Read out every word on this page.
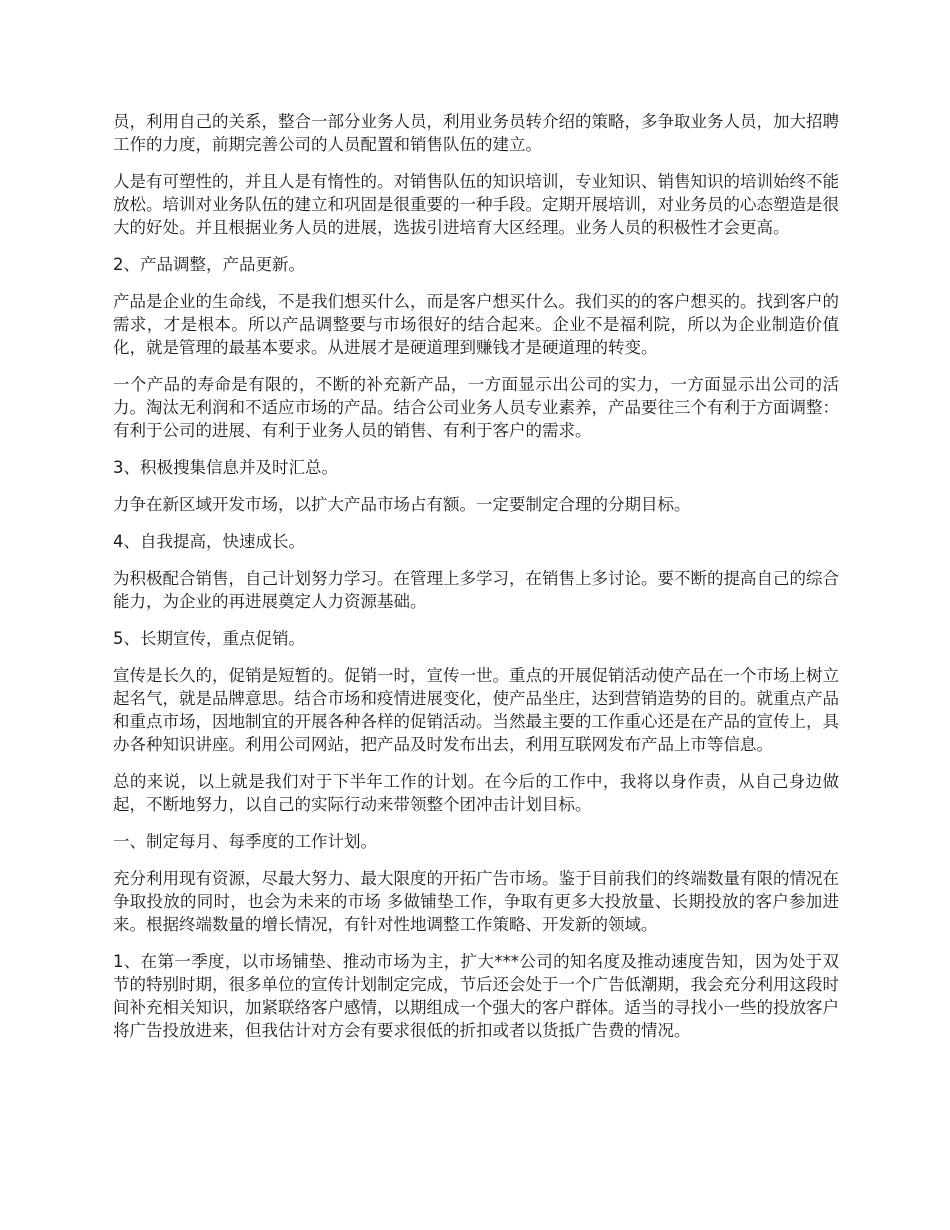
员，利用自己的关系，整合一部分业务人员，利用业务员转介绍的策略，多争取业务人员，加大招聘工作的力度，前期完善公司的人员配置和销售队伍的建立。

人是有可塑性的，并且人是有惰性的。对销售队伍的知识培训，专业知识、销售知识的培训始终不能放松。培训对业务队伍的建立和巩固是很重要的一种手段。定期开展培训，对业务员的心态塑造是很大的好处。并且根据业务人员的进展，选拔引进培育大区经理。业务人员的积极性才会更高。

2、产品调整，产品更新。

产品是企业的生命线，不是我们想买什么，而是客户想买什么。我们买的的客户想买的。找到客户的需求，才是根本。所以产品调整要与市场很好的结合起来。企业不是福利院，所以为企业制造价值化，就是管理的最基本要求。从进展才是硬道理到赚钱才是硬道理的转变。

一个产品的寿命是有限的，不断的补充新产品，一方面显示出公司的实力，一方面显示出公司的活力。淘汰无利润和不适应市场的产品。结合公司业务人员专业素养，产品要往三个有利于方面调整：有利于公司的进展、有利于业务人员的销售、有利于客户的需求。

3、积极搜集信息并及时汇总。

力争在新区域开发市场，以扩大产品市场占有额。一定要制定合理的分期目标。

4、自我提高，快速成长。

为积极配合销售，自己计划努力学习。在管理上多学习，在销售上多讨论。要不断的提高自己的综合能力，为企业的再进展奠定人力资源基础。

5、长期宣传，重点促销。

宣传是长久的，促销是短暂的。促销一时，宣传一世。重点的开展促销活动使产品在一个市场上树立起名气，就是品牌意思。结合市场和疫情进展变化，使产品坐庄，达到营销造势的目的。就重点产品和重点市场，因地制宜的开展各种各样的促销活动。当然最主要的工作重心还是在产品的宣传上，具办各种知识讲座。利用公司网站，把产品及时发布出去，利用互联网发布产品上市等信息。

总的来说，以上就是我们对于下半年工作的计划。在今后的工作中，我将以身作责，从自己身边做起，不断地努力，以自己的实际行动来带领整个团冲击计划目标。

一、制定每月、每季度的工作计划。

充分利用现有资源，尽最大努力、最大限度的开拓广告市场。鉴于目前我们的终端数量有限的情况在争取投放的同时，也会为未来的市场 多做铺垫工作，争取有更多大投放量、长期投放的客户参加进来。根据终端数量的增长情况，有针对性地调整工作策略、开发新的领域。

1、在第一季度，以市场铺垫、推动市场为主，扩大***公司的知名度及推动速度告知，因为处于双节的特别时期，很多单位的宣传计划制定完成，节后还会处于一个广告低潮期，我会充分利用这段时间补充相关知识，加紧联络客户感情，以期组成一个强大的客户群体。适当的寻找小一些的投放客户将广告投放进来，但我估计对方会有要求很低的折扣或者以货抵广告费的情况。
